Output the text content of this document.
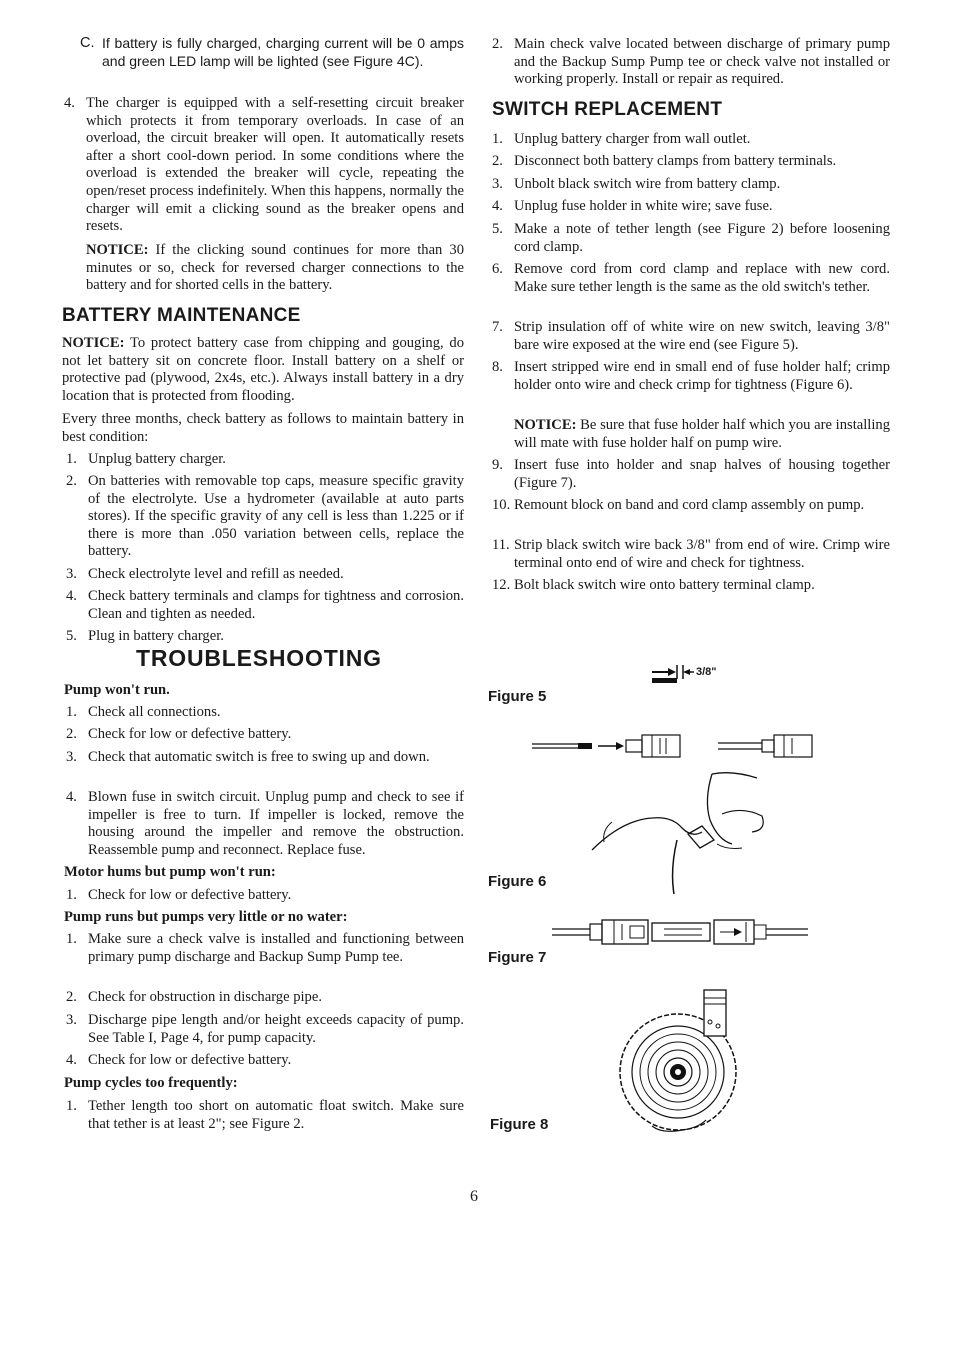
C. If battery is fully charged, charging current will be 0 amps and green LED lamp will be lighted (see Figure 4C).
4. The charger is equipped with a self-resetting circuit breaker which protects it from temporary overloads. In case of an overload, the circuit breaker will open. It automatically resets after a short cool-down period. In some conditions where the overload is extended the breaker will cycle, repeating the open/reset process indefinitely. When this happens, normally the charger will emit a clicking sound as the breaker opens and resets.
NOTICE: If the clicking sound continues for more than 30 minutes or so, check for reversed charger connections to the battery and for shorted cells in the battery.
BATTERY MAINTENANCE
NOTICE: To protect battery case from chipping and gouging, do not let battery sit on concrete floor. Install battery on a shelf or protective pad (plywood, 2x4s, etc.). Always install battery in a dry location that is protected from flooding.
Every three months, check battery as follows to maintain battery in best condition:
1. Unplug battery charger.
2. On batteries with removable top caps, measure specific gravity of the electrolyte. Use a hydrometer (available at auto parts stores). If the specific gravity of any cell is less than 1.225 or if there is more than .050 variation between cells, replace the battery.
3. Check electrolyte level and refill as needed.
4. Check battery terminals and clamps for tightness and corrosion. Clean and tighten as needed.
5. Plug in battery charger.
TROUBLESHOOTING
Pump won't run.
1. Check all connections.
2. Check for low or defective battery.
3. Check that automatic switch is free to swing up and down.
4. Blown fuse in switch circuit. Unplug pump and check to see if impeller is free to turn. If impeller is locked, remove the housing around the impeller and remove the obstruction. Reassemble pump and reconnect. Replace fuse.
Motor hums but pump won't run:
1. Check for low or defective battery.
Pump runs but pumps very little or no water:
1. Make sure a check valve is installed and functioning between primary pump discharge and Backup Sump Pump tee.
2. Check for obstruction in discharge pipe.
3. Discharge pipe length and/or height exceeds capacity of pump. See Table I, Page 4, for pump capacity.
4. Check for low or defective battery.
Pump cycles too frequently:
1. Tether length too short on automatic float switch. Make sure that tether is at least 2"; see Figure 2.
2. Main check valve located between discharge of primary pump and the Backup Sump Pump tee or check valve not installed or working properly. Install or repair as required.
SWITCH REPLACEMENT
1. Unplug battery charger from wall outlet.
2. Disconnect both battery clamps from battery terminals.
3. Unbolt black switch wire from battery clamp.
4. Unplug fuse holder in white wire; save fuse.
5. Make a note of tether length (see Figure 2) before loosening cord clamp.
6. Remove cord from cord clamp and replace with new cord. Make sure tether length is the same as the old switch's tether.
7. Strip insulation off of white wire on new switch, leaving 3/8" bare wire exposed at the wire end (see Figure 5).
8. Insert stripped wire end in small end of fuse holder half; crimp holder onto wire and check crimp for tightness (Figure 6).
NOTICE: Be sure that fuse holder half which you are installing will mate with fuse holder half on pump wire.
9. Insert fuse into holder and snap halves of housing together (Figure 7).
10. Remount block on band and cord clamp assembly on pump.
11. Strip black switch wire back 3/8" from end of wire. Crimp wire terminal onto end of wire and check for tightness.
12. Bolt black switch wire onto battery terminal clamp.
Figure 5
3/8"
Figure 6
Figure 7
Figure 8
6
